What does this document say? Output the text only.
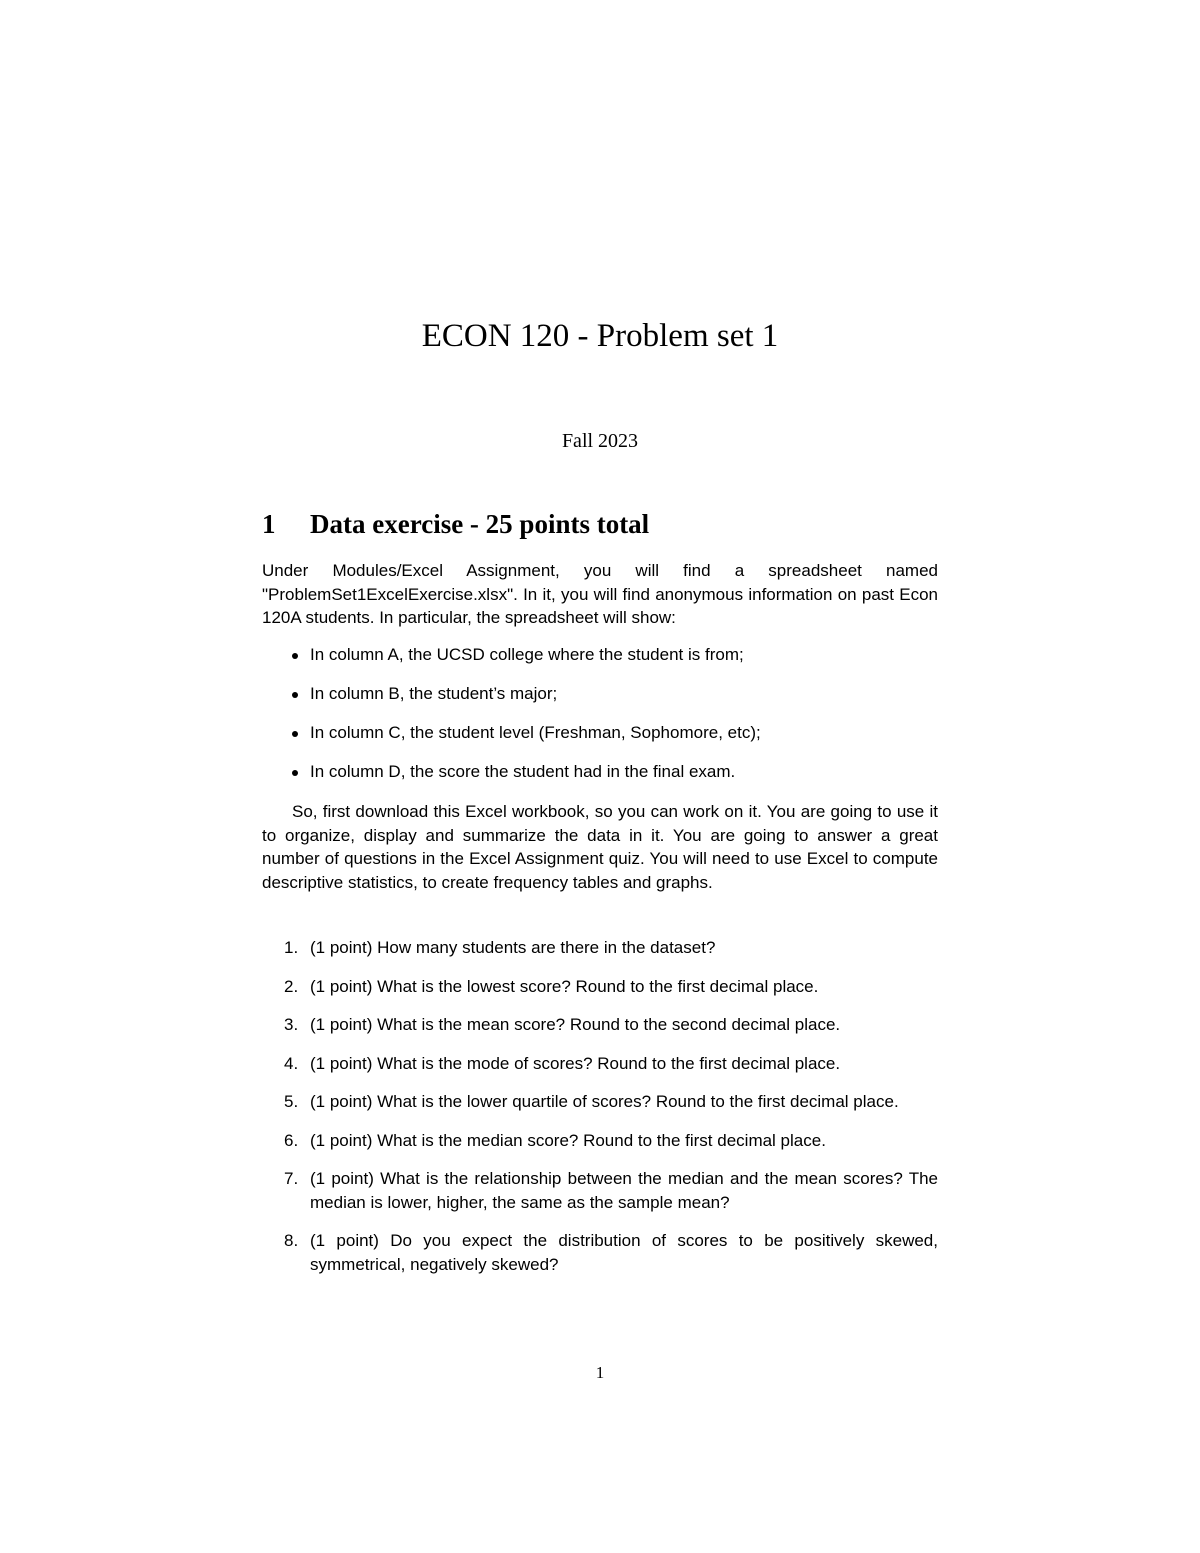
ECON 120 - Problem set 1
Fall 2023
1 Data exercise - 25 points total
Under Modules/Excel Assignment, you will find a spreadsheet named "ProblemSet1ExcelExercise.xlsx". In it, you will find anonymous information on past Econ 120A students. In particular, the spreadsheet will show:
In column A, the UCSD college where the student is from;
In column B, the student’s major;
In column C, the student level (Freshman, Sophomore, etc);
In column D, the score the student had in the final exam.
So, first download this Excel workbook, so you can work on it. You are going to use it to organize, display and summarize the data in it. You are going to answer a great number of questions in the Excel Assignment quiz. You will need to use Excel to compute descriptive statistics, to create frequency tables and graphs.
1. (1 point) How many students are there in the dataset?
2. (1 point) What is the lowest score? Round to the first decimal place.
3. (1 point) What is the mean score? Round to the second decimal place.
4. (1 point) What is the mode of scores? Round to the first decimal place.
5. (1 point) What is the lower quartile of scores? Round to the first decimal place.
6. (1 point) What is the median score? Round to the first decimal place.
7. (1 point) What is the relationship between the median and the mean scores? The median is lower, higher, the same as the sample mean?
8. (1 point) Do you expect the distribution of scores to be positively skewed, symmetrical, negatively skewed?
1
